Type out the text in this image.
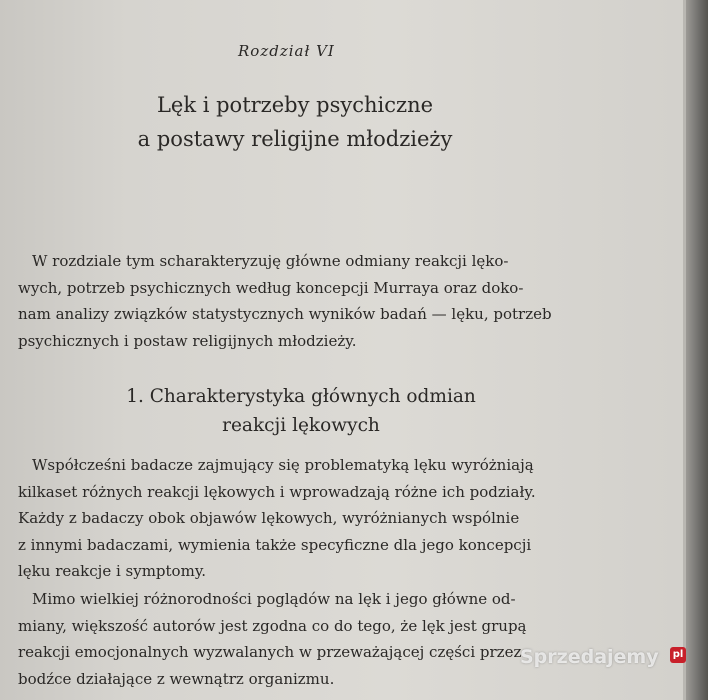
Rozdział VI
Lęk i potrzeby psychiczne
a postawy religijne młodzieży
W rozdziale tym scharakteryzuję główne odmiany reakcji lęko-
wych, potrzeb psychicznych według koncepcji Murraya oraz doko-
nam analizy związków statystycznych wyników badań — lęku, potrzeb
psychicznych i postaw religijnych młodzieży.
1. Charakterystyka głównych odmian
reakcji lękowych
Współcześni badacze zajmujący się problematyką lęku wyróżniają
kilkaset różnych reakcji lękowych i wprowadzają różne ich podziały.
Każdy z badaczy obok objawów lękowych, wyróżnianych wspólnie
z innymi badaczami, wymienia także specyficzne dla jego koncepcji
lęku reakcje i symptomy.
Mimo wielkiej różnorodności poglądów na lęk i jego główne od-
miany, większość autorów jest zgodna co do tego, że lęk jest grupą
reakcji emocjonalnych wyzwalanych w przeważającej części przez
bodźce działające z wewnątrz organizmu.
Sprzedajemy pl
